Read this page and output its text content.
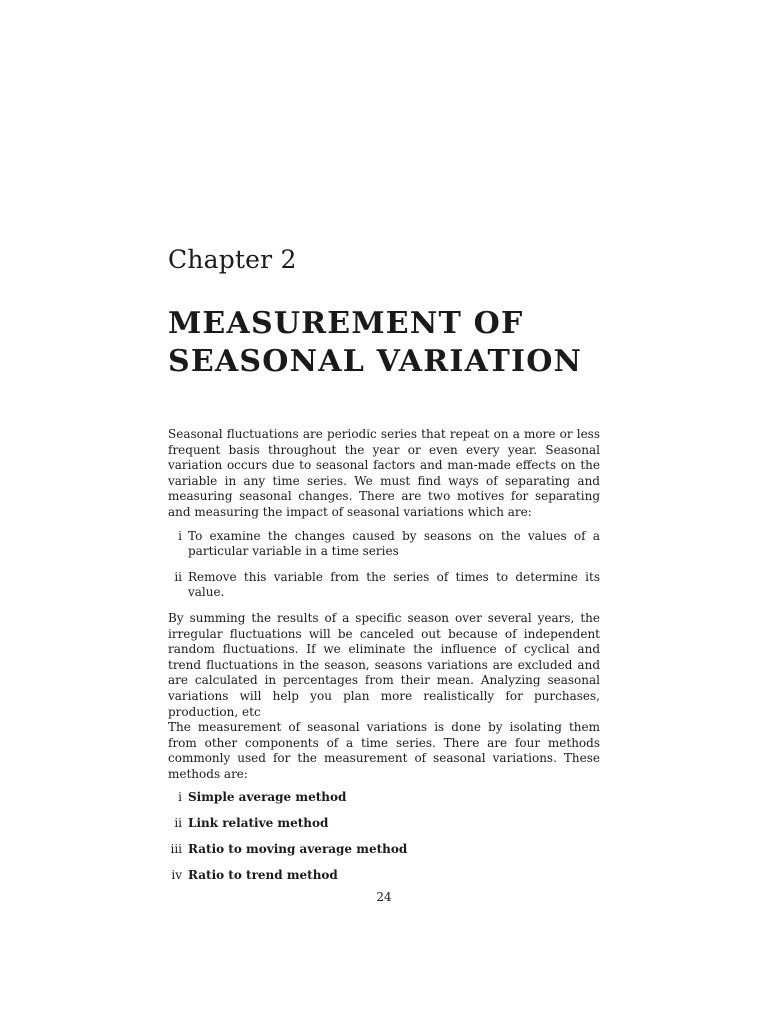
Chapter 2
MEASUREMENT OF
SEASONAL VARIATION

Seasonal fluctuations are periodic series that repeat on a more or less frequent basis throughout the year or even every year. Seasonal variation occurs due to seasonal factors and man-made effects on the variable in any time series. We must find ways of separating and measuring seasonal changes. There are two motives for separating and measuring the impact of seasonal variations which are:

i To examine the changes caused by seasons on the values of a particular variable in a time series
ii Remove this variable from the series of times to determine its value.

By summing the results of a specific season over several years, the irregular fluctuations will be canceled out because of independent random fluctuations. If we eliminate the influence of cyclical and trend fluctuations in the season, seasons variations are excluded and are calculated in percentages from their mean. Analyzing seasonal variations will help you plan more realistically for purchases, production, etc

The measurement of seasonal variations is done by isolating them from other components of a time series. There are four methods commonly used for the measurement of seasonal variations. These methods are:

i Simple average method
ii Link relative method
iii Ratio to moving average method
iv Ratio to trend method
24
